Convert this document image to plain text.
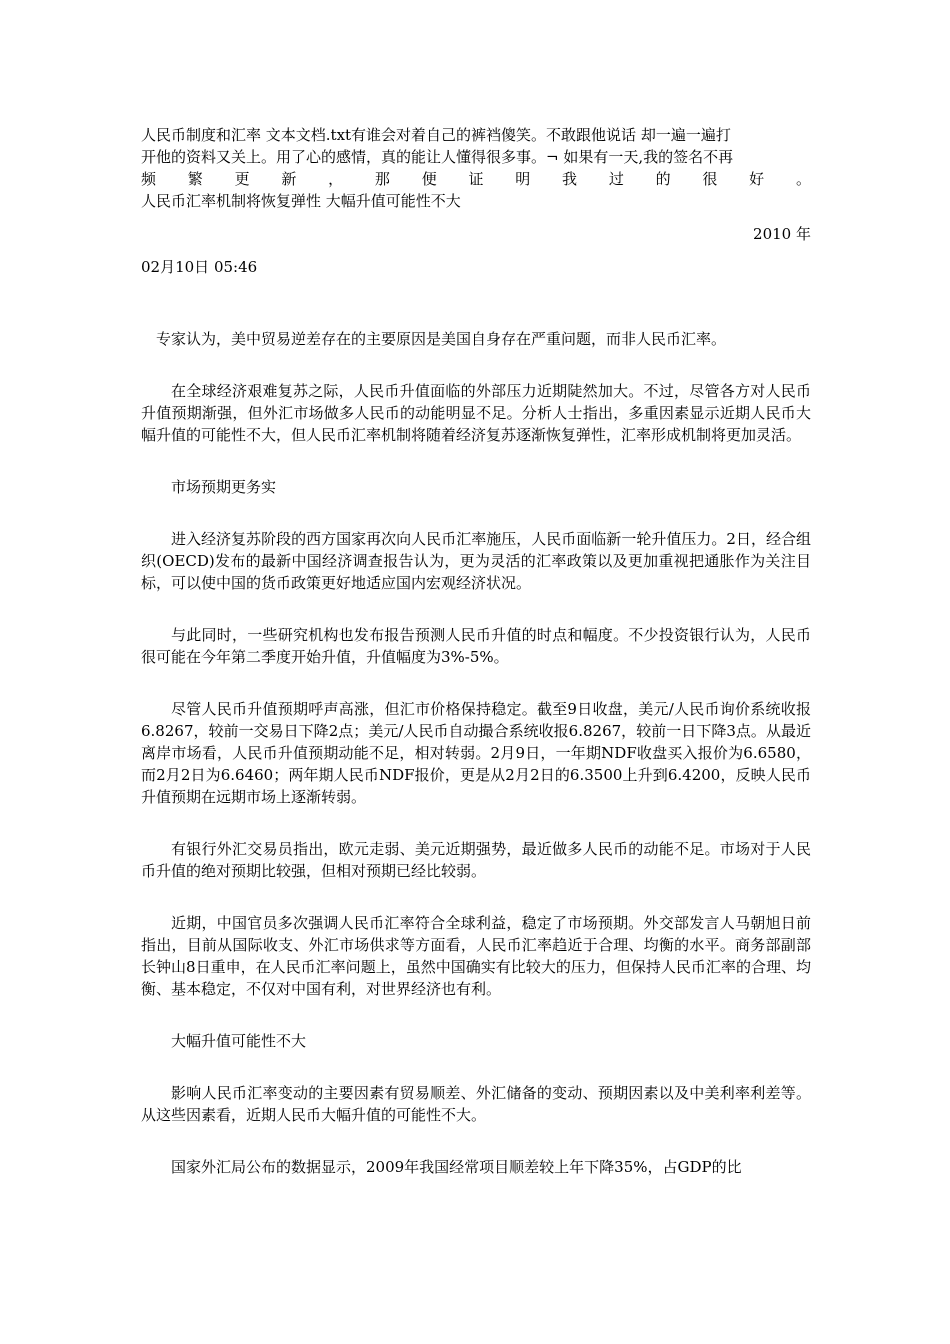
人民币制度和汇率 文本文档.txt有谁会对着自己的裤裆傻笑。不敢跟他说话 却一遍一遍打
开他的资料又关上。用了心的感情，真的能让人懂得很多事。¬ 如果有一天,我的签名不再
频 繁 更 新 ， 那 便 证 明 我 过 的 很 好 。
人民币汇率机制将恢复弹性 大幅升值可能性不大
2010 年
02月10日 05:46

专家认为，美中贸易逆差存在的主要原因是美国自身存在严重问题，而非人民币汇率。

在全球经济艰难复苏之际，人民币升值面临的外部压力近期陡然加大。不过，尽管各方对人民币升值预期渐强，但外汇市场做多人民币的动能明显不足。分析人士指出，多重因素显示近期人民币大幅升值的可能性不大，但人民币汇率机制将随着经济复苏逐渐恢复弹性，汇率形成机制将更加灵活。

市场预期更务实

进入经济复苏阶段的西方国家再次向人民币汇率施压，人民币面临新一轮升值压力。2日，经合组织(OECD)发布的最新中国经济调查报告认为，更为灵活的汇率政策以及更加重视把通胀作为关注目标，可以使中国的货币政策更好地适应国内宏观经济状况。

与此同时，一些研究机构也发布报告预测人民币升值的时点和幅度。不少投资银行认为，人民币很可能在今年第二季度开始升值，升值幅度为3%-5%。

尽管人民币升值预期呼声高涨，但汇市价格保持稳定。截至9日收盘，美元/人民币询价系统收报6.8267，较前一交易日下降2点；美元/人民币自动撮合系统收报6.8267，较前一日下降3点。从最近离岸市场看，人民币升值预期动能不足，相对转弱。2月9日，一年期NDF收盘买入报价为6.6580，而2月2日为6.6460；两年期人民币NDF报价，更是从2月2日的6.3500上升到6.4200，反映人民币升值预期在远期市场上逐渐转弱。

有银行外汇交易员指出，欧元走弱、美元近期强势，最近做多人民币的动能不足。市场对于人民币升值的绝对预期比较强，但相对预期已经比较弱。

近期，中国官员多次强调人民币汇率符合全球利益，稳定了市场预期。外交部发言人马朝旭日前指出，目前从国际收支、外汇市场供求等方面看，人民币汇率趋近于合理、均衡的水平。商务部副部长钟山8日重申，在人民币汇率问题上，虽然中国确实有比较大的压力，但保持人民币汇率的合理、均衡、基本稳定，不仅对中国有利，对世界经济也有利。

大幅升值可能性不大

影响人民币汇率变动的主要因素有贸易顺差、外汇储备的变动、预期因素以及中美利率利差等。从这些因素看，近期人民币大幅升值的可能性不大。

国家外汇局公布的数据显示，2009年我国经常项目顺差较上年下降35%，占GDP的比
